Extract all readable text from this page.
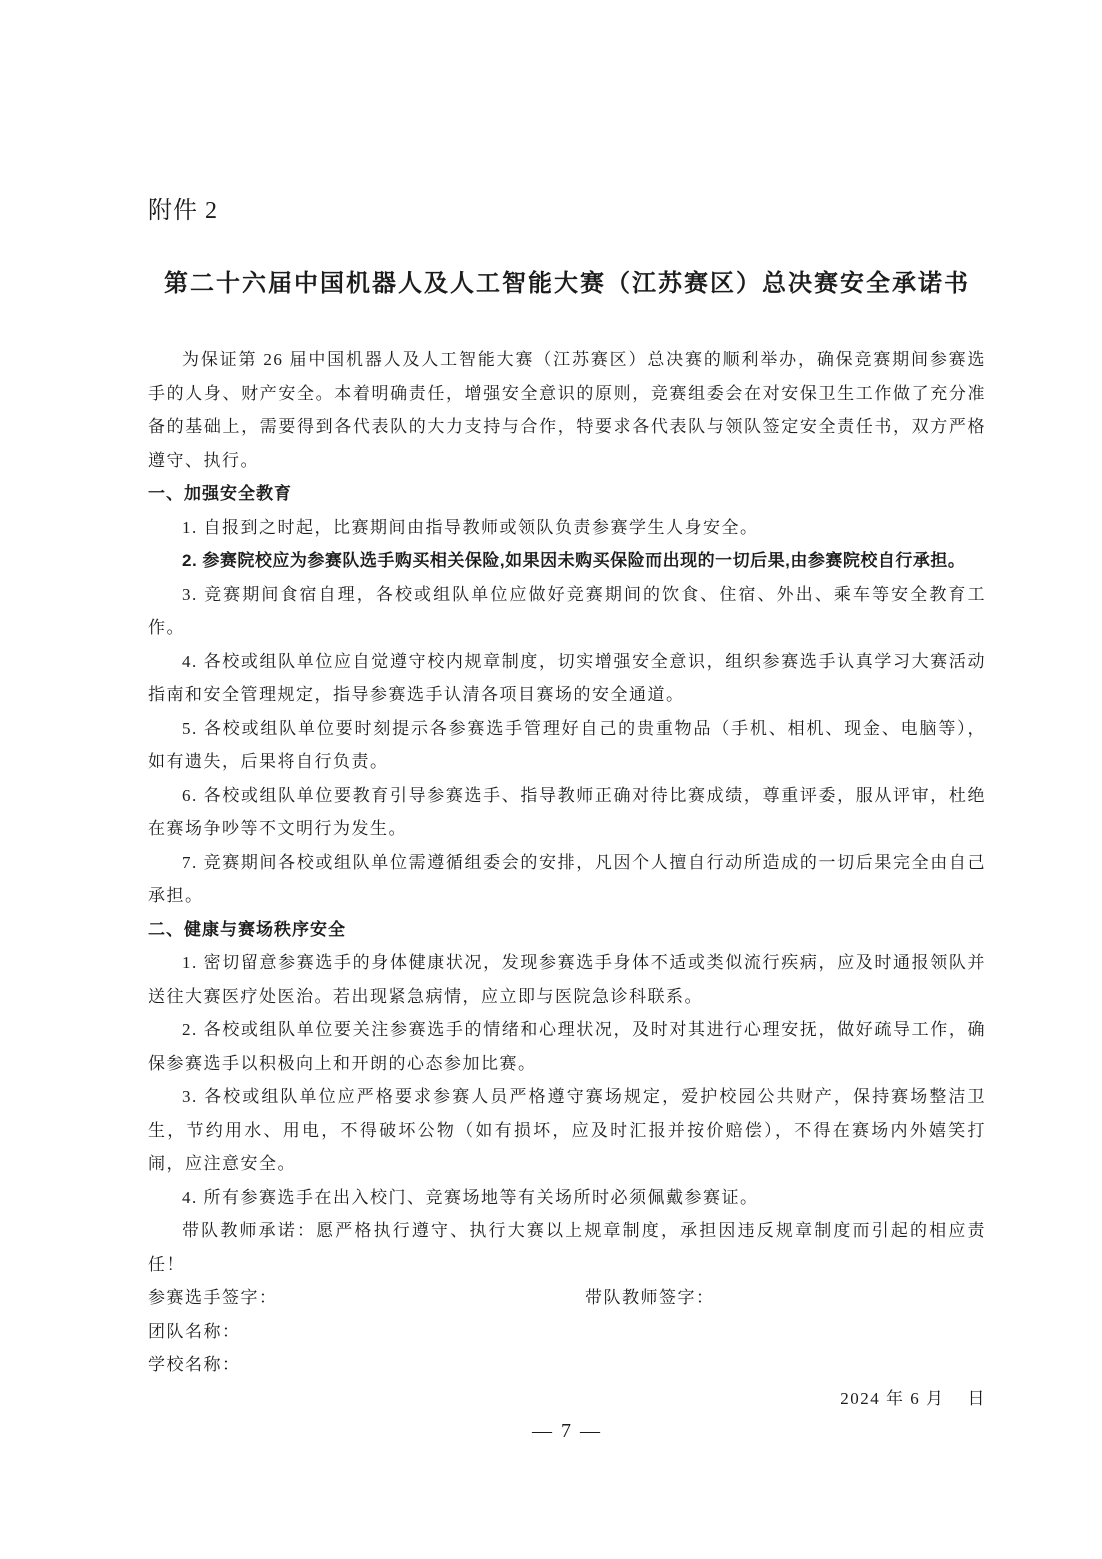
附件 2
第二十六届中国机器人及人工智能大赛（江苏赛区）总决赛安全承诺书

为保证第 26 届中国机器人及人工智能大赛（江苏赛区）总决赛的顺利举办，确保竞赛期间参赛选手的人身、财产安全。本着明确责任，增强安全意识的原则，竞赛组委会在对安保卫生工作做了充分准备的基础上，需要得到各代表队的大力支持与合作，特要求各代表队与领队签定安全责任书，双方严格遵守、执行。

一、加强安全教育

1. 自报到之时起，比赛期间由指导教师或领队负责参赛学生人身安全。

2. 参赛院校应为参赛队选手购买相关保险,如果因未购买保险而出现的一切后果,由参赛院校自行承担。

3. 竞赛期间食宿自理，各校或组队单位应做好竞赛期间的饮食、住宿、外出、乘车等安全教育工作。

4. 各校或组队单位应自觉遵守校内规章制度，切实增强安全意识，组织参赛选手认真学习大赛活动指南和安全管理规定，指导参赛选手认清各项目赛场的安全通道。

5. 各校或组队单位要时刻提示各参赛选手管理好自己的贵重物品（手机、相机、现金、电脑等），如有遗失，后果将自行负责。

6. 各校或组队单位要教育引导参赛选手、指导教师正确对待比赛成绩，尊重评委，服从评审，杜绝在赛场争吵等不文明行为发生。

7. 竞赛期间各校或组队单位需遵循组委会的安排，凡因个人擅自行动所造成的一切后果完全由自己承担。

二、健康与赛场秩序安全

1. 密切留意参赛选手的身体健康状况，发现参赛选手身体不适或类似流行疾病，应及时通报领队并送往大赛医疗处医治。若出现紧急病情，应立即与医院急诊科联系。

2. 各校或组队单位要关注参赛选手的情绪和心理状况，及时对其进行心理安抚，做好疏导工作，确保参赛选手以积极向上和开朗的心态参加比赛。

3. 各校或组队单位应严格要求参赛人员严格遵守赛场规定，爱护校园公共财产，保持赛场整洁卫生，节约用水、用电，不得破坏公物（如有损坏，应及时汇报并按价赔偿），不得在赛场内外嬉笑打闹，应注意安全。

4. 所有参赛选手在出入校门、竞赛场地等有关场所时必须佩戴参赛证。

带队教师承诺：愿严格执行遵守、执行大赛以上规章制度，承担因违反规章制度而引起的相应责任！

参赛选手签字：	带队教师签字：

团队名称：

学校名称：

2024 年 6 月    日

— 7 —
